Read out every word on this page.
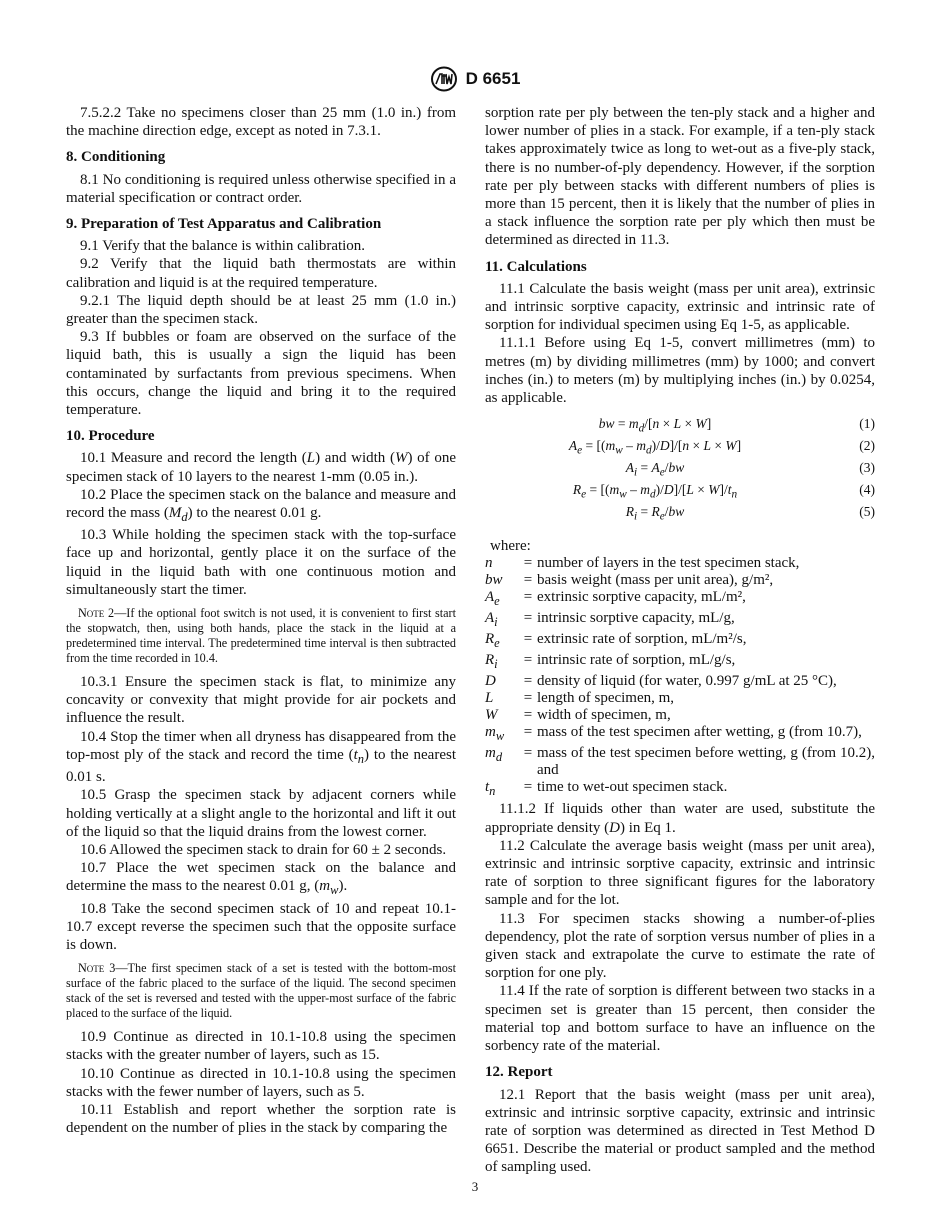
D 6651

7.5.2.2 Take no specimens closer than 25 mm (1.0 in.) from the machine direction edge, except as noted in 7.3.1.

8. Conditioning

8.1 No conditioning is required unless otherwise specified in a material specification or contract order.

9. Preparation of Test Apparatus and Calibration

9.1 Verify that the balance is within calibration.

9.2 Verify that the liquid bath thermostats are within calibration and liquid is at the required temperature.

9.2.1 The liquid depth should be at least 25 mm (1.0 in.) greater than the specimen stack.

9.3 If bubbles or foam are observed on the surface of the liquid bath, this is usually a sign the liquid has been contaminated by surfactants from previous specimens. When this occurs, change the liquid and bring it to the required temperature.

10. Procedure

10.1 Measure and record the length (L) and width (W) of one specimen stack of 10 layers to the nearest 1-mm (0.05 in.).

10.2 Place the specimen stack on the balance and measure and record the mass $(M_d)$ to the nearest 0.01 g.

10.3 While holding the specimen stack with the top-surface face up and horizontal, gently place it on the surface of the liquid in the liquid bath with one continuous motion and simultaneously start the timer.

Note 2—If the optional foot switch is not used, it is convenient to first start the stopwatch, then, using both hands, place the stack in the liquid at a predetermined time interval. The predetermined time interval is then subtracted from the time recorded in 10.4.

10.3.1 Ensure the specimen stack is flat, to minimize any concavity or convexity that might provide for air pockets and influence the result.

10.4 Stop the timer when all dryness has disappeared from the top-most ply of the stack and record the time $(t_n)$ to the nearest 0.01 s.

10.5 Grasp the specimen stack by adjacent corners while holding vertically at a slight angle to the horizontal and lift it out of the liquid so that the liquid drains from the lowest corner.

10.6 Allowed the specimen stack to drain for 60 ± 2 seconds.

10.7 Place the wet specimen stack on the balance and determine the mass to the nearest 0.01 g, $(m_w)$.

10.8 Take the second specimen stack of 10 and repeat 10.1-10.7 except reverse the specimen such that the opposite surface is down.

Note 3—The first specimen stack of a set is tested with the bottom-most surface of the fabric placed to the surface of the liquid. The second specimen stack of the set is reversed and tested with the upper-most surface of the fabric placed to the surface of the liquid.

10.9 Continue as directed in 10.1-10.8 using the specimen stacks with the greater number of layers, such as 15.

10.10 Continue as directed in 10.1-10.8 using the specimen stacks with the fewer number of layers, such as 5.

10.11 Establish and report whether the sorption rate is dependent on the number of plies in the stack by comparing the

sorption rate per ply between the ten-ply stack and a higher and lower number of plies in a stack. For example, if a ten-ply stack takes approximately twice as long to wet-out as a five-ply stack, there is no number-of-ply dependency. However, if the sorption rate per ply between stacks with different numbers of plies is more than 15 percent, then it is likely that the number of plies in a stack influence the sorption rate per ply which then must be determined as directed in 11.3.

11. Calculations

11.1 Calculate the basis weight (mass per unit area), extrinsic and intrinsic sorptive capacity, extrinsic and intrinsic rate of sorption for individual specimen using Eq 1-5, as applicable.

11.1.1 Before using Eq 1-5, convert millimetres (mm) to metres (m) by dividing millimetres (mm) by 1000; and convert inches (in.) to meters (m) by multiplying inches (in.) by 0.0254, as applicable.

bw = $m_d/[n \times L \times W]$	(1)
$A_e = [(m_w - m_d)/D]/[n \times L \times W]$	(2)
$A_i = A_e/bw$	(3)
$R_e = [(m_w - m_d)/D]/[L \times W]/t_n$	(4)
$R_i = R_e/bw$	(5)

where:

n	=	number of layers in the test specimen stack,
bw	=	basis weight (mass per unit area), g/m²,
$A_e$	=	extrinsic sorptive capacity, mL/m²,
$A_i$	=	intrinsic sorptive capacity, mL/g,
$R_e$	=	extrinsic rate of sorption, mL/m²/s,
$R_i$	=	intrinsic rate of sorption, mL/g/s,
D	=	density of liquid (for water, 0.997 g/mL at 25 °C),
L	=	length of specimen, m,
W	=	width of specimen, m,
$m_w$	=	mass of the test specimen after wetting, g (from 10.7),
$m_d$	=	mass of the test specimen before wetting, g (from 10.2), and
$t_n$	=	time to wet-out specimen stack.

11.1.2 If liquids other than water are used, substitute the appropriate density (D) in Eq 1.

11.2 Calculate the average basis weight (mass per unit area), extrinsic and intrinsic sorptive capacity, extrinsic and intrinsic rate of sorption to three significant figures for the laboratory sample and for the lot.

11.3 For specimen stacks showing a number-of-plies dependency, plot the rate of sorption versus number of plies in a given stack and extrapolate the curve to estimate the rate of sorption for one ply.

11.4 If the rate of sorption is different between two stacks in a specimen set is greater than 15 percent, then consider the material top and bottom surface to have an influence on the sorbency rate of the material.

12. Report

12.1 Report that the basis weight (mass per unit area), extrinsic and intrinsic sorptive capacity, extrinsic and intrinsic rate of sorption was determined as directed in Test Method D 6651. Describe the material or product sampled and the method of sampling used.

3
